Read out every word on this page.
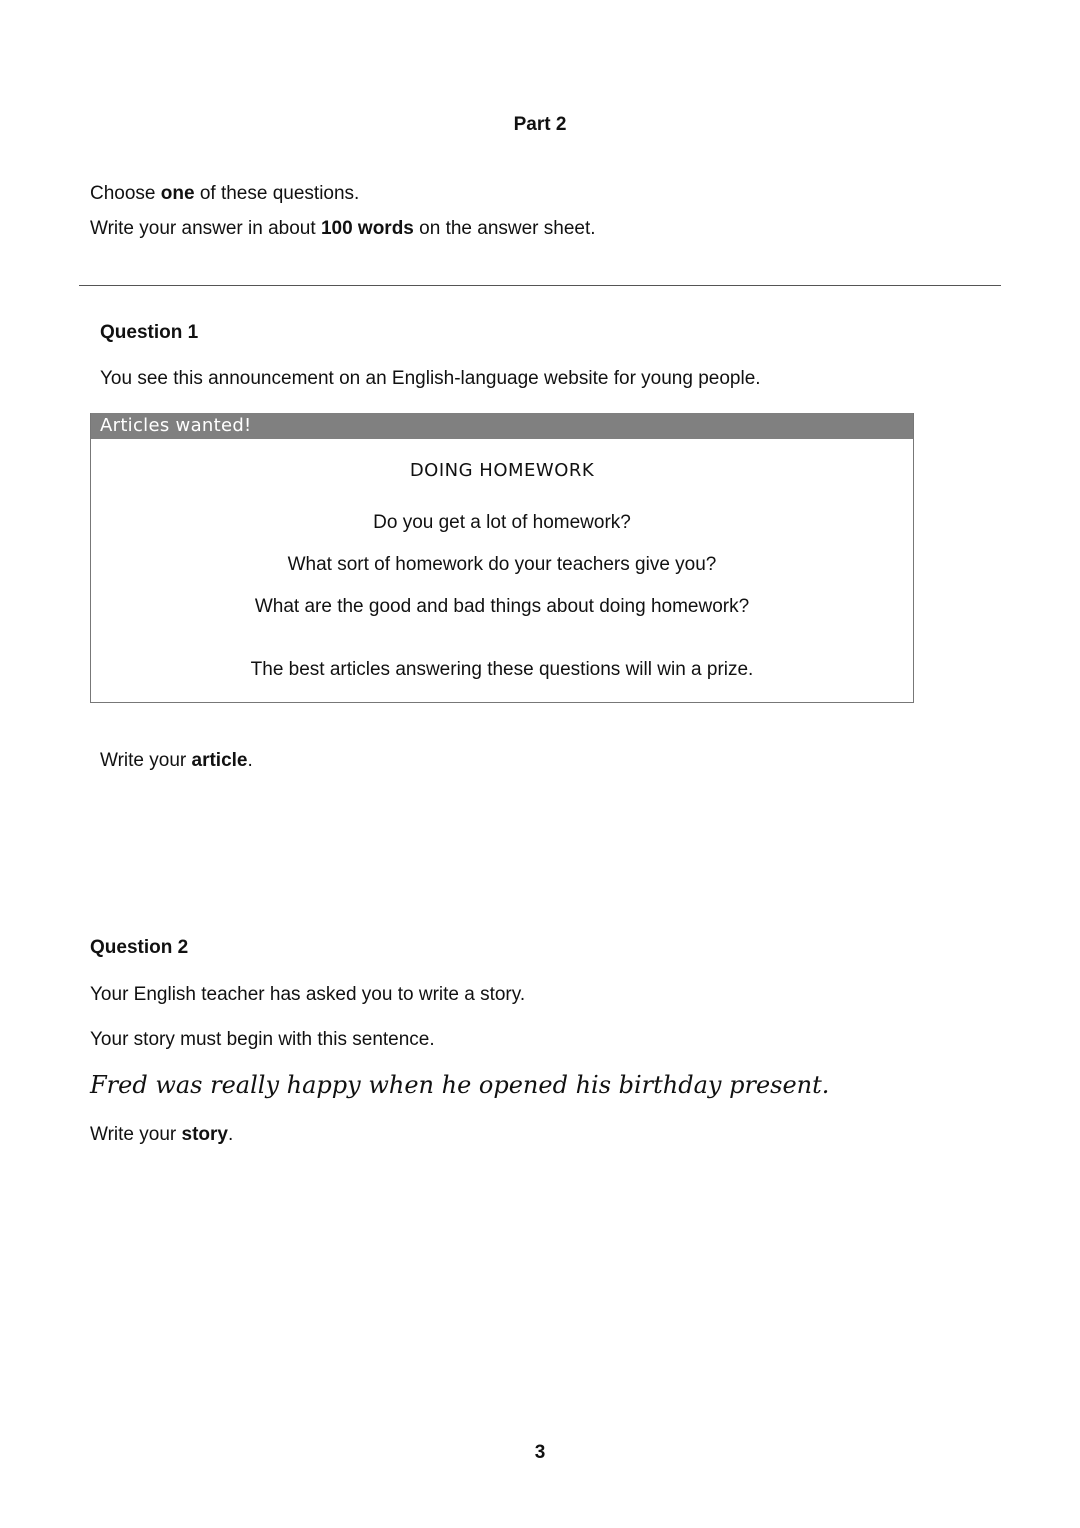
Part 2
Choose one of these questions.
Write your answer in about 100 words on the answer sheet.
Question 1
You see this announcement on an English-language website for young people.
Articles wanted!
DOING HOMEWORK
Do you get a lot of homework?
What sort of homework do your teachers give you?
What are the good and bad things about doing homework?
The best articles answering these questions will win a prize.
Write your article.
Question 2
Your English teacher has asked you to write a story.
Your story must begin with this sentence.
Fred was really happy when he opened his birthday present.
Write your story.
3
